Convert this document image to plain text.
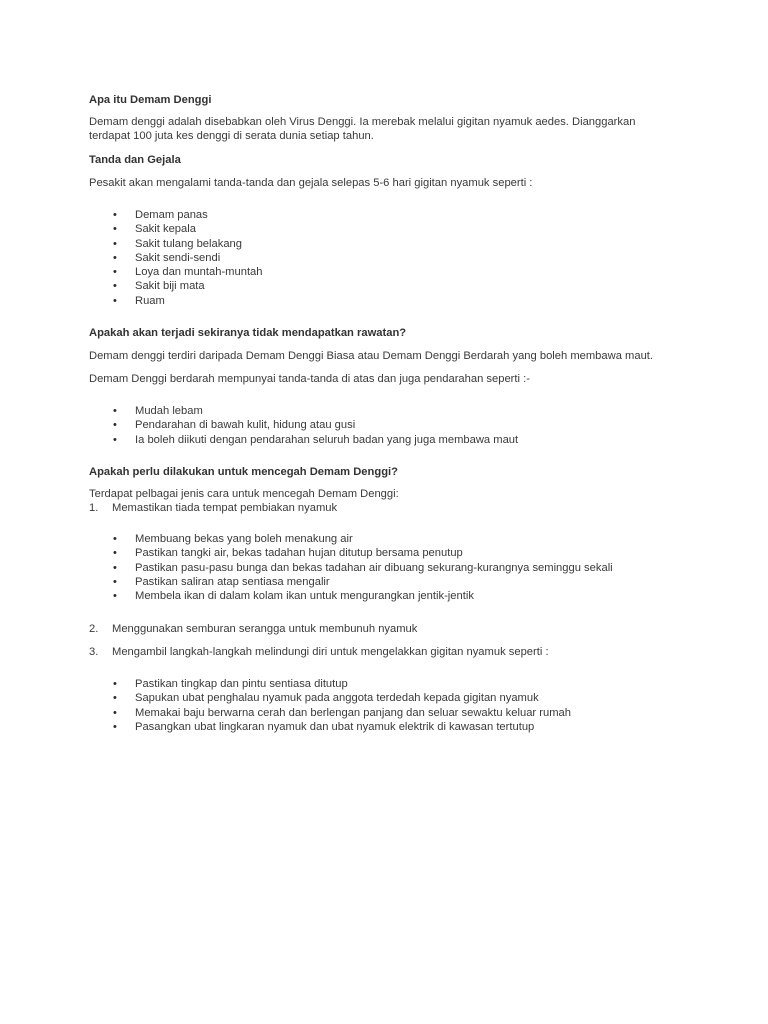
Apa itu Demam Denggi

Demam denggi adalah disebabkan oleh Virus Denggi. Ia merebak melalui gigitan nyamuk aedes. Dianggarkan

terdapat 100 juta kes denggi di serata dunia setiap tahun.

Tanda dan Gejala

Pesakit akan mengalami tanda-tanda dan gejala selepas 5-6 hari gigitan nyamuk seperti :

• Demam panas
• Sakit kepala
• Sakit tulang belakang
• Sakit sendi-sendi
• Loya dan muntah-muntah
• Sakit biji mata
• Ruam
Apakah akan terjadi sekiranya tidak mendapatkan rawatan?

Demam denggi terdiri daripada Demam Denggi Biasa atau Demam Denggi Berdarah yang boleh membawa maut.

Demam Denggi berdarah mempunyai tanda-tanda di atas dan juga pendarahan seperti :-

• Mudah lebam
• Pendarahan di bawah kulit, hidung atau gusi
• Ia boleh diikuti dengan pendarahan seluruh badan yang juga membawa maut
Apakah perlu dilakukan untuk mencegah Demam Denggi?

Terdapat pelbagai jenis cara untuk mencegah Demam Denggi:

1.	Memastikan tiada tempat pembiakan nyamuk
• Membuang bekas yang boleh menakung air
• Pastikan tangki air, bekas tadahan hujan ditutup bersama penutup
• Pastikan pasu-pasu bunga dan bekas tadahan air dibuang sekurang-kurangnya seminggu sekali
• Pastikan saliran atap sentiasa mengalir
• Membela ikan di dalam kolam ikan untuk mengurangkan jentik-jentik
2.	Menggunakan semburan serangga untuk membunuh nyamuk
3.	Mengambil langkah-langkah melindungi diri untuk mengelakkan gigitan nyamuk seperti :
• Pastikan tingkap dan pintu sentiasa ditutup
• Sapukan ubat penghalau nyamuk pada anggota terdedah kepada gigitan nyamuk
• Memakai baju berwarna cerah dan berlengan panjang dan seluar sewaktu keluar rumah
• Pasangkan ubat lingkaran nyamuk dan ubat nyamuk elektrik di kawasan tertutup
